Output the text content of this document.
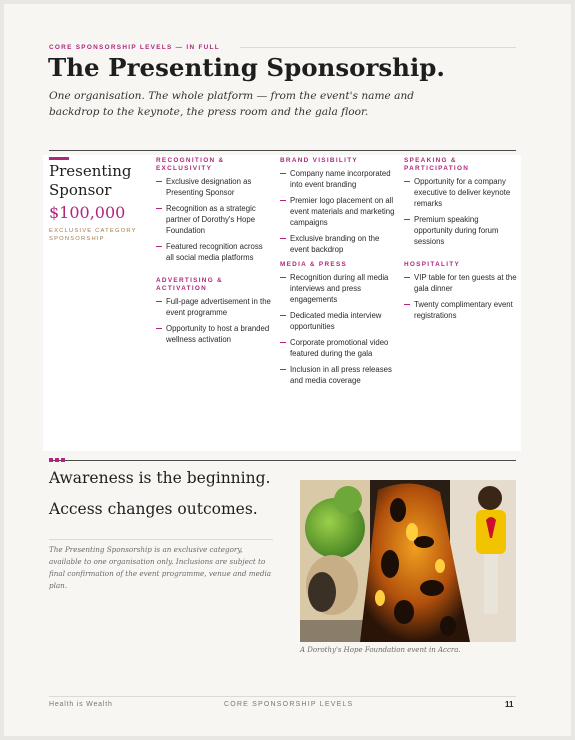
CORE SPONSORSHIP LEVELS — IN FULL
The Presenting Sponsorship.

One organisation. The whole platform — from the event's name and backdrop to the keynote, the press room and the gala floor.

Presenting Sponsor
$100,000
EXCLUSIVE CATEGORY SPONSORSHIP
RECOGNITION & EXCLUSIVITY
Exclusive designation as Presenting Sponsor
Recognition as a strategic partner of Dorothy's Hope Foundation
Featured recognition across all social media platforms
ADVERTISING & ACTIVATION
Full-page advertisement in the event programme
Opportunity to host a branded wellness activation
BRAND VISIBILITY
Company name incorporated into event branding
Premier logo placement on all event materials and marketing campaigns
Exclusive branding on the event backdrop
MEDIA & PRESS
Recognition during all media interviews and press engagements
Dedicated media interview opportunities
Corporate promotional video featured during the gala
Inclusion in all press releases and media coverage
SPEAKING & PARTICIPATION
Opportunity for a company executive to deliver keynote remarks
Premium speaking opportunity during forum sessions
HOSPITALITY
VIP table for ten guests at the gala dinner
Twenty complimentary event registrations
Awareness is the beginning.
Access changes outcomes.

The Presenting Sponsorship is an exclusive category, available to one organisation only. Inclusions are subject to final confirmation of the event programme, venue and media plan.

A Dorothy's Hope Foundation event in Accra.
Health is Wealth	CORE SPONSORSHIP LEVELS	11
